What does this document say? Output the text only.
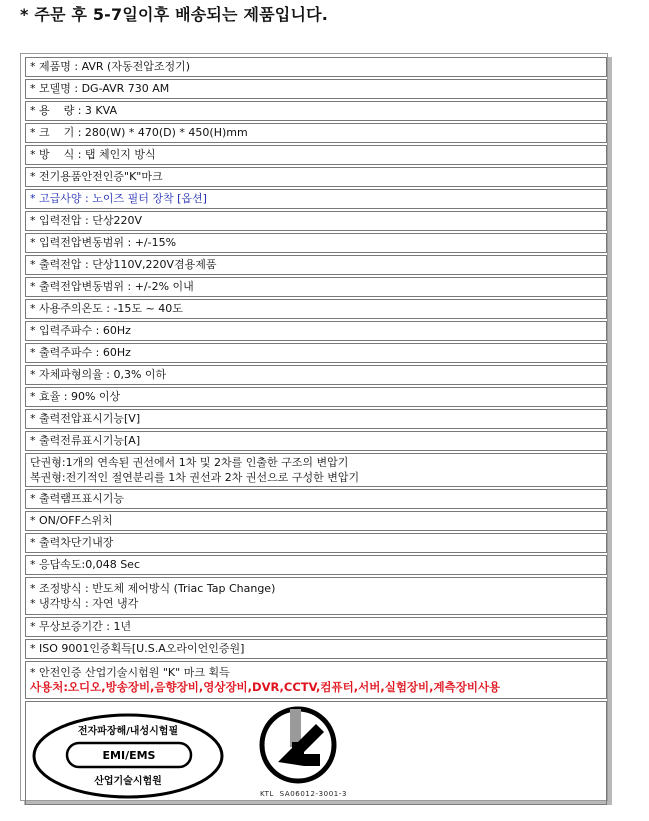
* 주문 후 5-7일이후 배송되는 제품입니다.
* 제품명 : AVR (자동전압조정기)
* 모델명 : DG-AVR 730 AM
* 용    량 : 3 KVA
* 크    기 : 280(W) * 470(D) * 450(H)mm
* 방    식 : 탭 체인지 방식
* 전기용품안전인증"K"마크
* 고급사양 : 노이즈 필터 장착 [옵션]
* 입력전압 : 단상220V
* 입력전압변동범위 : +/-15%
* 출력전압 : 단상110V,220V겸용제품
* 출력전압변동범위 : +/-2% 이내
* 사용주의온도 : -15도 ~ 40도
* 입력주파수 : 60Hz
* 출력주파수 : 60Hz
* 자체파형의율 : 0,3% 이하
* 효율 : 90% 이상
* 출력전압표시기능[V]
* 출력전류표시기능[A]
단권형:1개의 연속된 권선에서 1차 및 2차를 인출한 구조의 변압기
복권형:전기적인 절연분리를 1차 권선과 2차 권선으로 구성한 변압기
* 출력램프표시기능
* ON/OFF스위치
* 출력차단기내장
* 응답속도:0,048 Sec
* 조정방식 : 반도체 제어방식 (Triac Tap Change)
* 냉각방식 : 자연 냉각
* 무상보증기간 : 1년
* ISO 9001인증획득[U.S.A오라이언인증원]
* 안전인증 산업기술시험원 "K" 마크 획득
사용처:오디오,방송장비,음향장비,영상장비,DVR,CCTV,컴퓨터,서버,실험장비,계측장비사용
전자파장해/내성시험필
EMI/EMS
산업기술시험원
KTL  SA06012-3001-3
